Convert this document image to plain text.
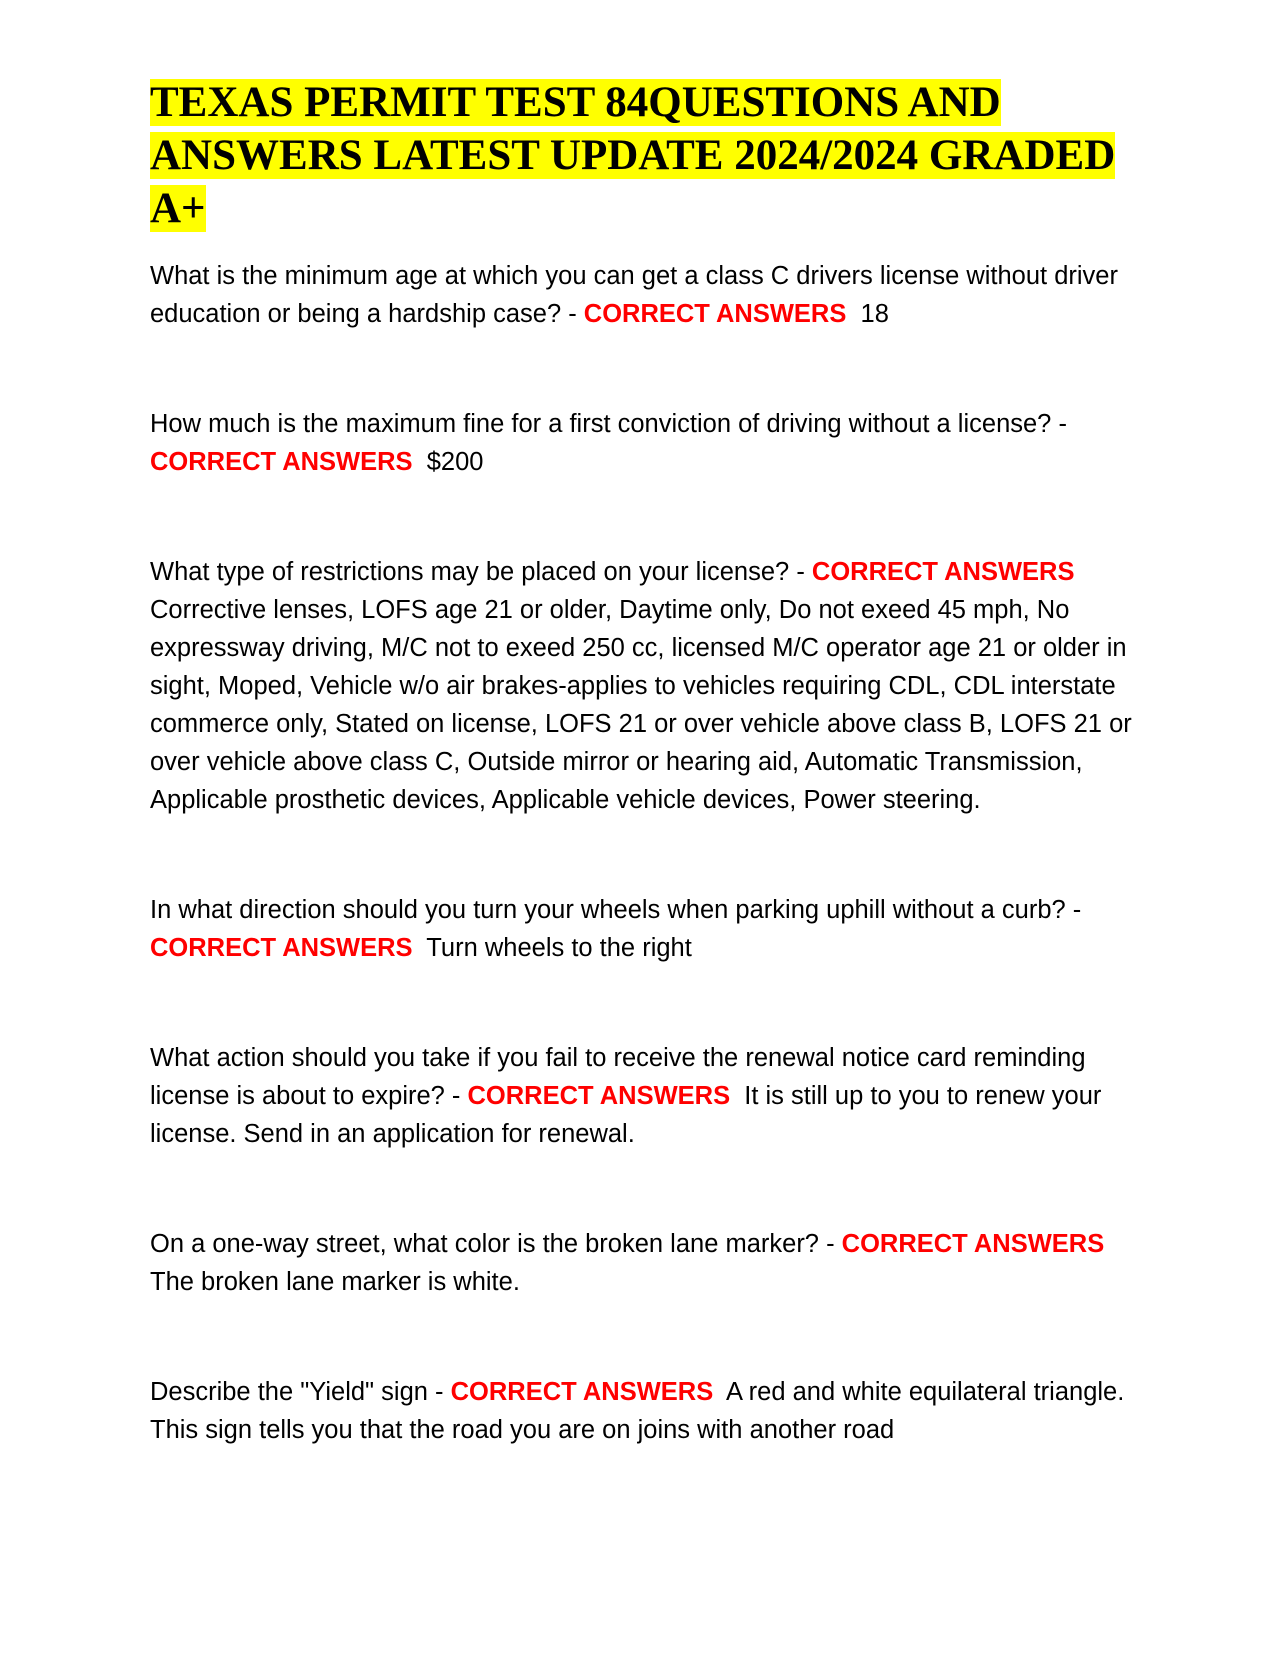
TEXAS PERMIT TEST 84QUESTIONS AND ANSWERS LATEST UPDATE 2024/2024 GRADED A+

What is the minimum age at which you can get a class C drivers license without driver education or being a hardship case? - CORRECT ANSWERS 18

How much is the maximum fine for a first conviction of driving without a license? - CORRECT ANSWERS $200

What type of restrictions may be placed on your license? - CORRECT ANSWERS  Corrective lenses, LOFS age 21 or older, Daytime only, Do not exeed 45 mph, No expressway driving, M/C not to exeed 250 cc, licensed M/C operator age 21 or older in sight, Moped, Vehicle w/o air brakes-applies to vehicles requiring CDL, CDL interstate commerce only, Stated on license, LOFS 21 or over vehicle above class B, LOFS 21 or over vehicle above class C, Outside mirror or hearing aid, Automatic Transmission, Applicable prosthetic devices, Applicable vehicle devices, Power steering.

In what direction should you turn your wheels when parking uphill without a curb? - CORRECT ANSWERS Turn wheels to the right

What action should you take if you fail to receive the renewal notice card reminding license is about to expire? - CORRECT ANSWERS It is still up to you to renew your license. Send in an application for renewal.

On a one-way street, what color is the broken lane marker? - CORRECT ANSWERS  The broken lane marker is white.

Describe the "Yield" sign - CORRECT ANSWERS A red and white equilateral triangle. This sign tells you that the road you are on joins with another road
